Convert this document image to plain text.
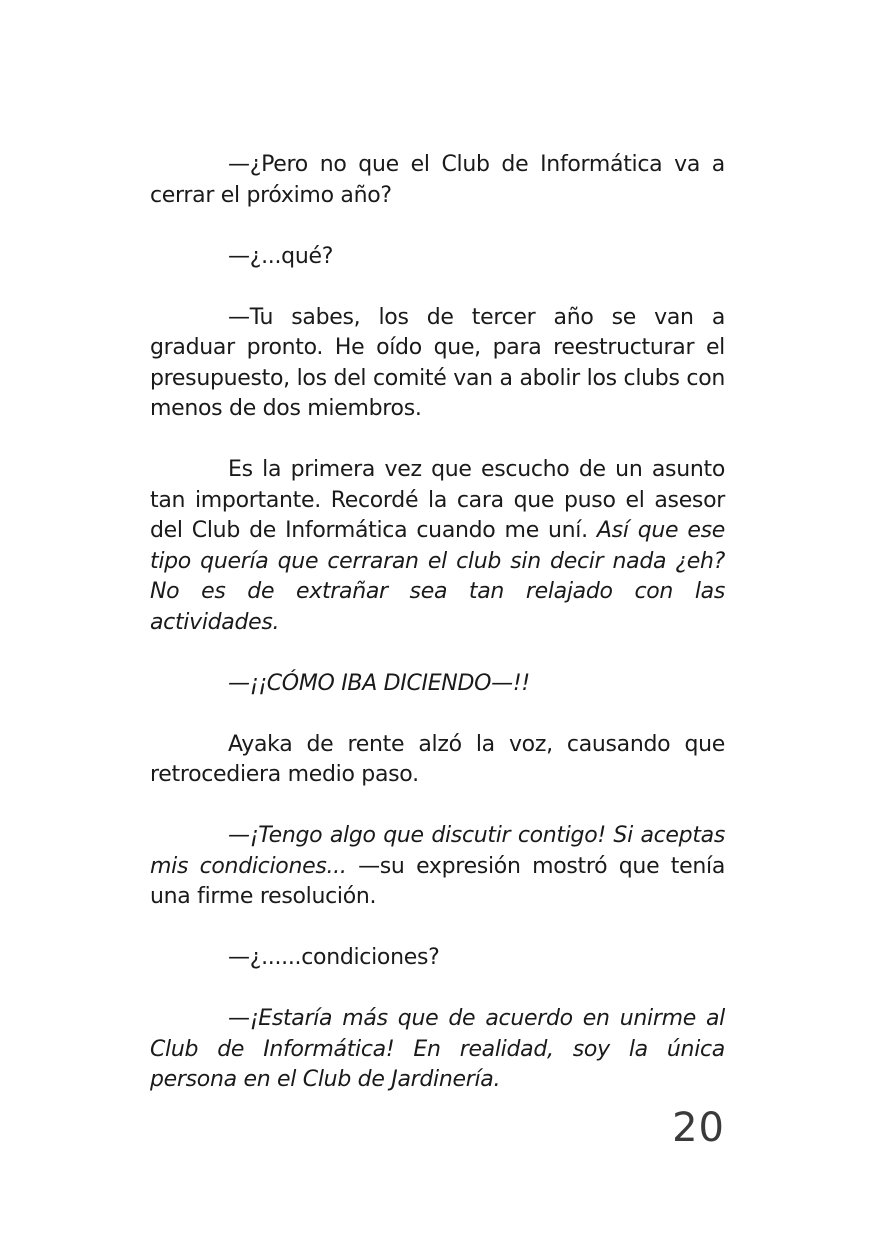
—¿Pero no que el Club de Informática va a cerrar el próximo año?

—¿...qué?

—Tu sabes, los de tercer año se van a graduar pronto. He oído que, para reestructurar el presupuesto, los del comité van a abolir los clubs con menos de dos miembros.

Es la primera vez que escucho de un asunto tan importante. Recordé la cara que puso el asesor del Club de Informática cuando me uní. Así que ese tipo quería que cerraran el club sin decir nada ¿eh? No es de extrañar sea tan relajado con las actividades.

—¡¡CÓMO IBA DICIENDO—!!

Ayaka de rente alzó la voz, causando que retrocediera medio paso.

—¡Tengo algo que discutir contigo! Si aceptas mis condiciones... —su expresión mostró que tenía una firme resolución.

—¿......condiciones?

—¡Estaría más que de acuerdo en unirme al Club de Informática! En realidad, soy la única persona en el Club de Jardinería.

20
